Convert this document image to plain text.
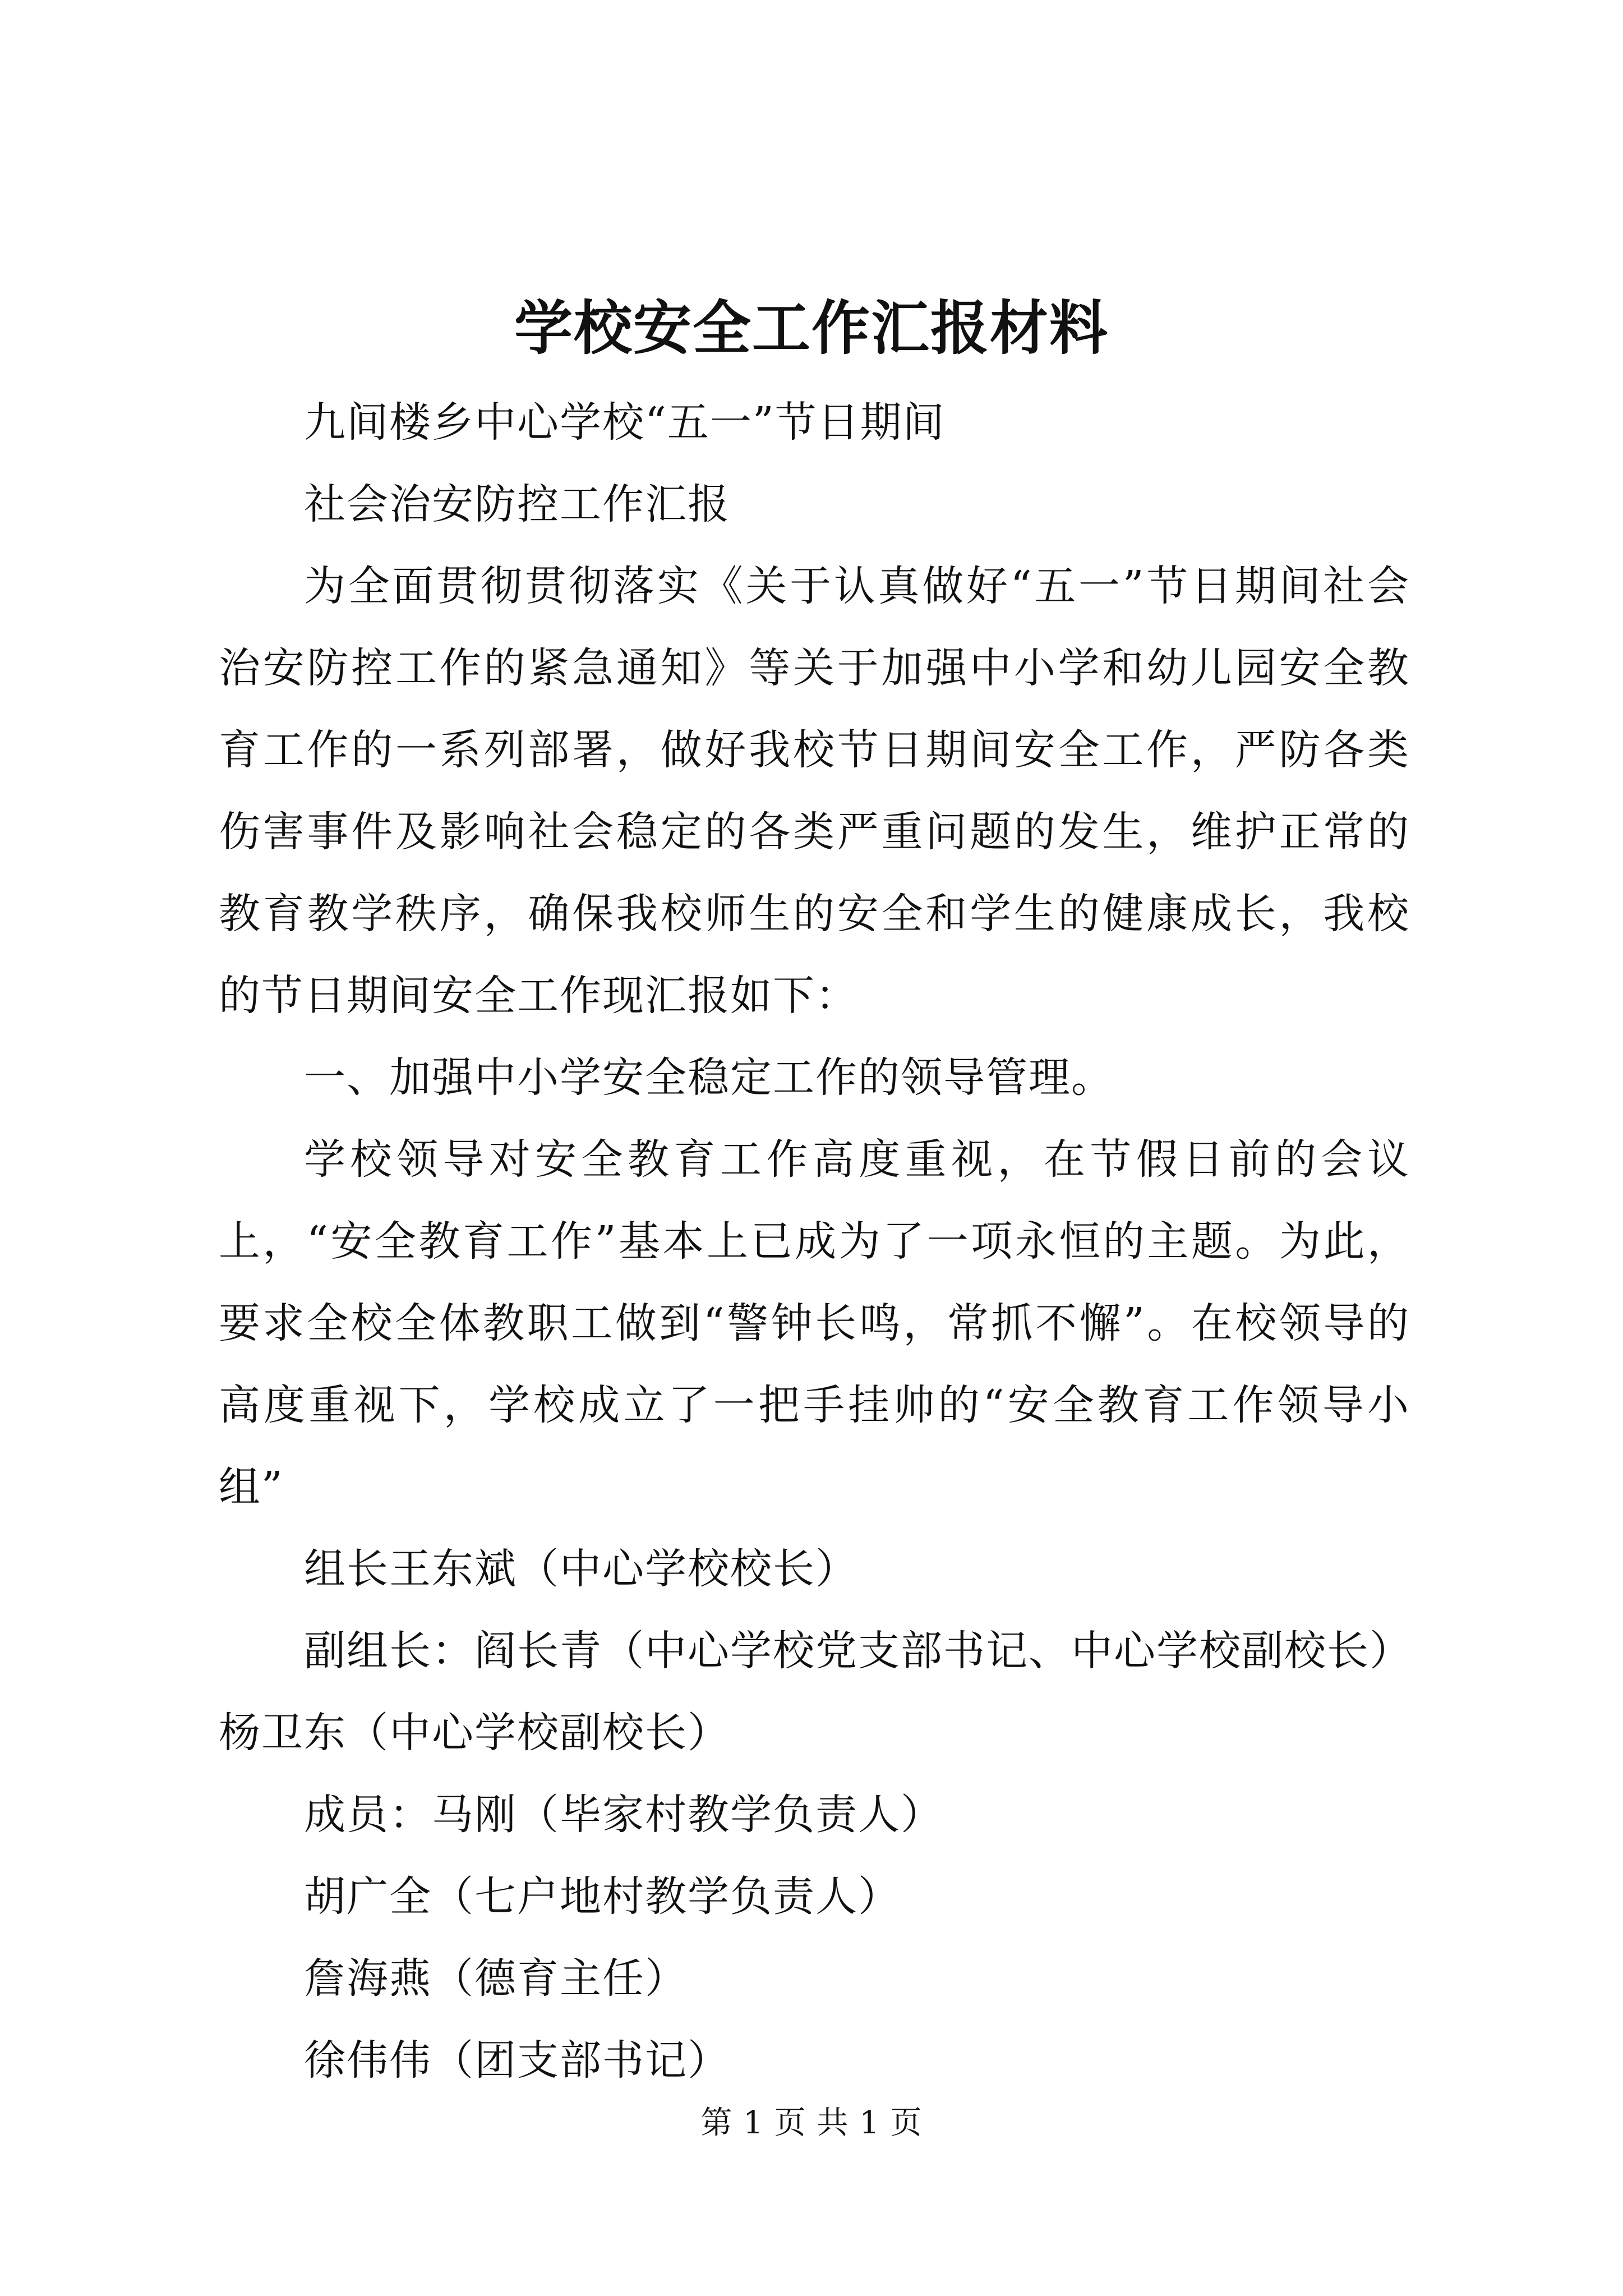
学校安全工作汇报材料

九间楼乡中心学校“五一”节日期间

社会治安防控工作汇报

为全面贯彻贯彻落实《关于认真做好“五一”节日期间社会治安防控工作的紧急通知》等关于加强中小学和幼儿园安全教育工作的一系列部署，做好我校节日期间安全工作，严防各类伤害事件及影响社会稳定的各类严重问题的发生，维护正常的教育教学秩序，确保我校师生的安全和学生的健康成长，我校的节日期间安全工作现汇报如下：

一、加强中小学安全稳定工作的领导管理。

学校领导对安全教育工作高度重视，在节假日前的会议上，“安全教育工作”基本上已成为了一项永恒的主题。为此，要求全校全体教职工做到“警钟长鸣，常抓不懈”。在校领导的高度重视下，学校成立了一把手挂帅的“安全教育工作领导小组”

组长王东斌（中心学校校长）

副组长：阎长青（中心学校党支部书记、中心学校副校长）

杨卫东（中心学校副校长）

成员：马刚（毕家村教学负责人）

胡广全（七户地村教学负责人）

詹海燕（德育主任）

徐伟伟（团支部书记）

第 1 页 共 1 页
